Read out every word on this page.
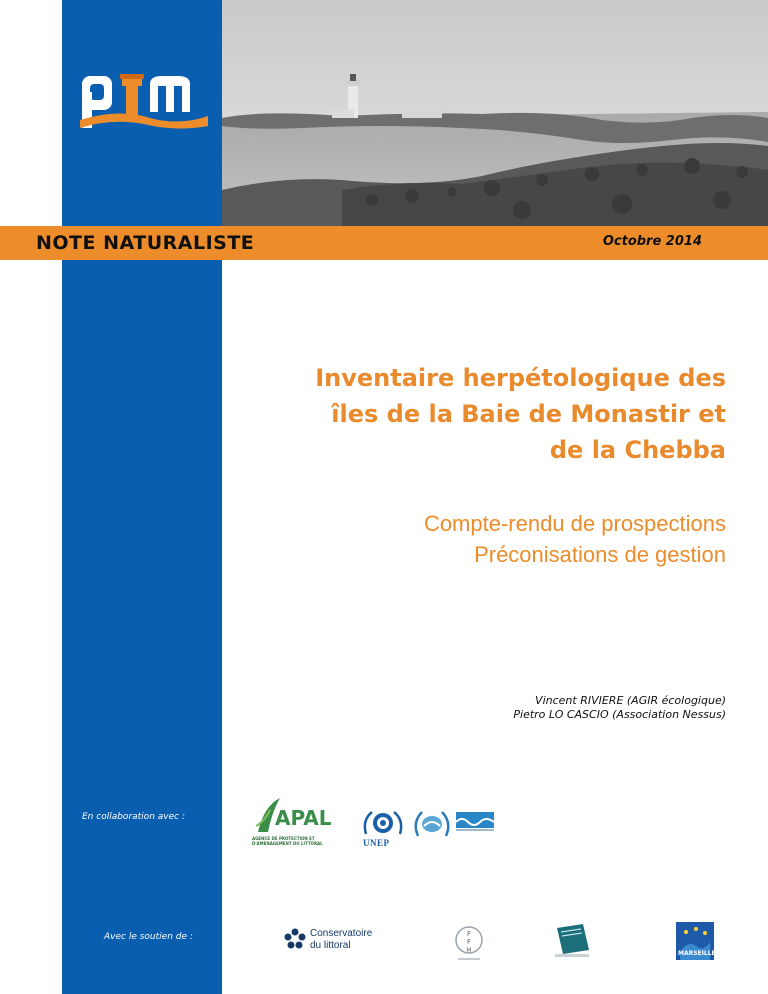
NOTE NATURALISTE	Octobre 2014
Inventaire herpétologique des
îles de la Baie de Monastir et
de la Chebba
Compte-rendu de prospections
Préconisations de gestion
Vincent RIVIERE (AGIR écologique)
Pietro LO CASCIO (Association Nessus)
En collaboration avec :
Avec le soutien de :
APAL
AGENCE DE PROTECTION ET D'AMENAGEMENT DU LITTORAL	UNEP
Conservatoire
du littoral
F
F
M	MARSEILLE
